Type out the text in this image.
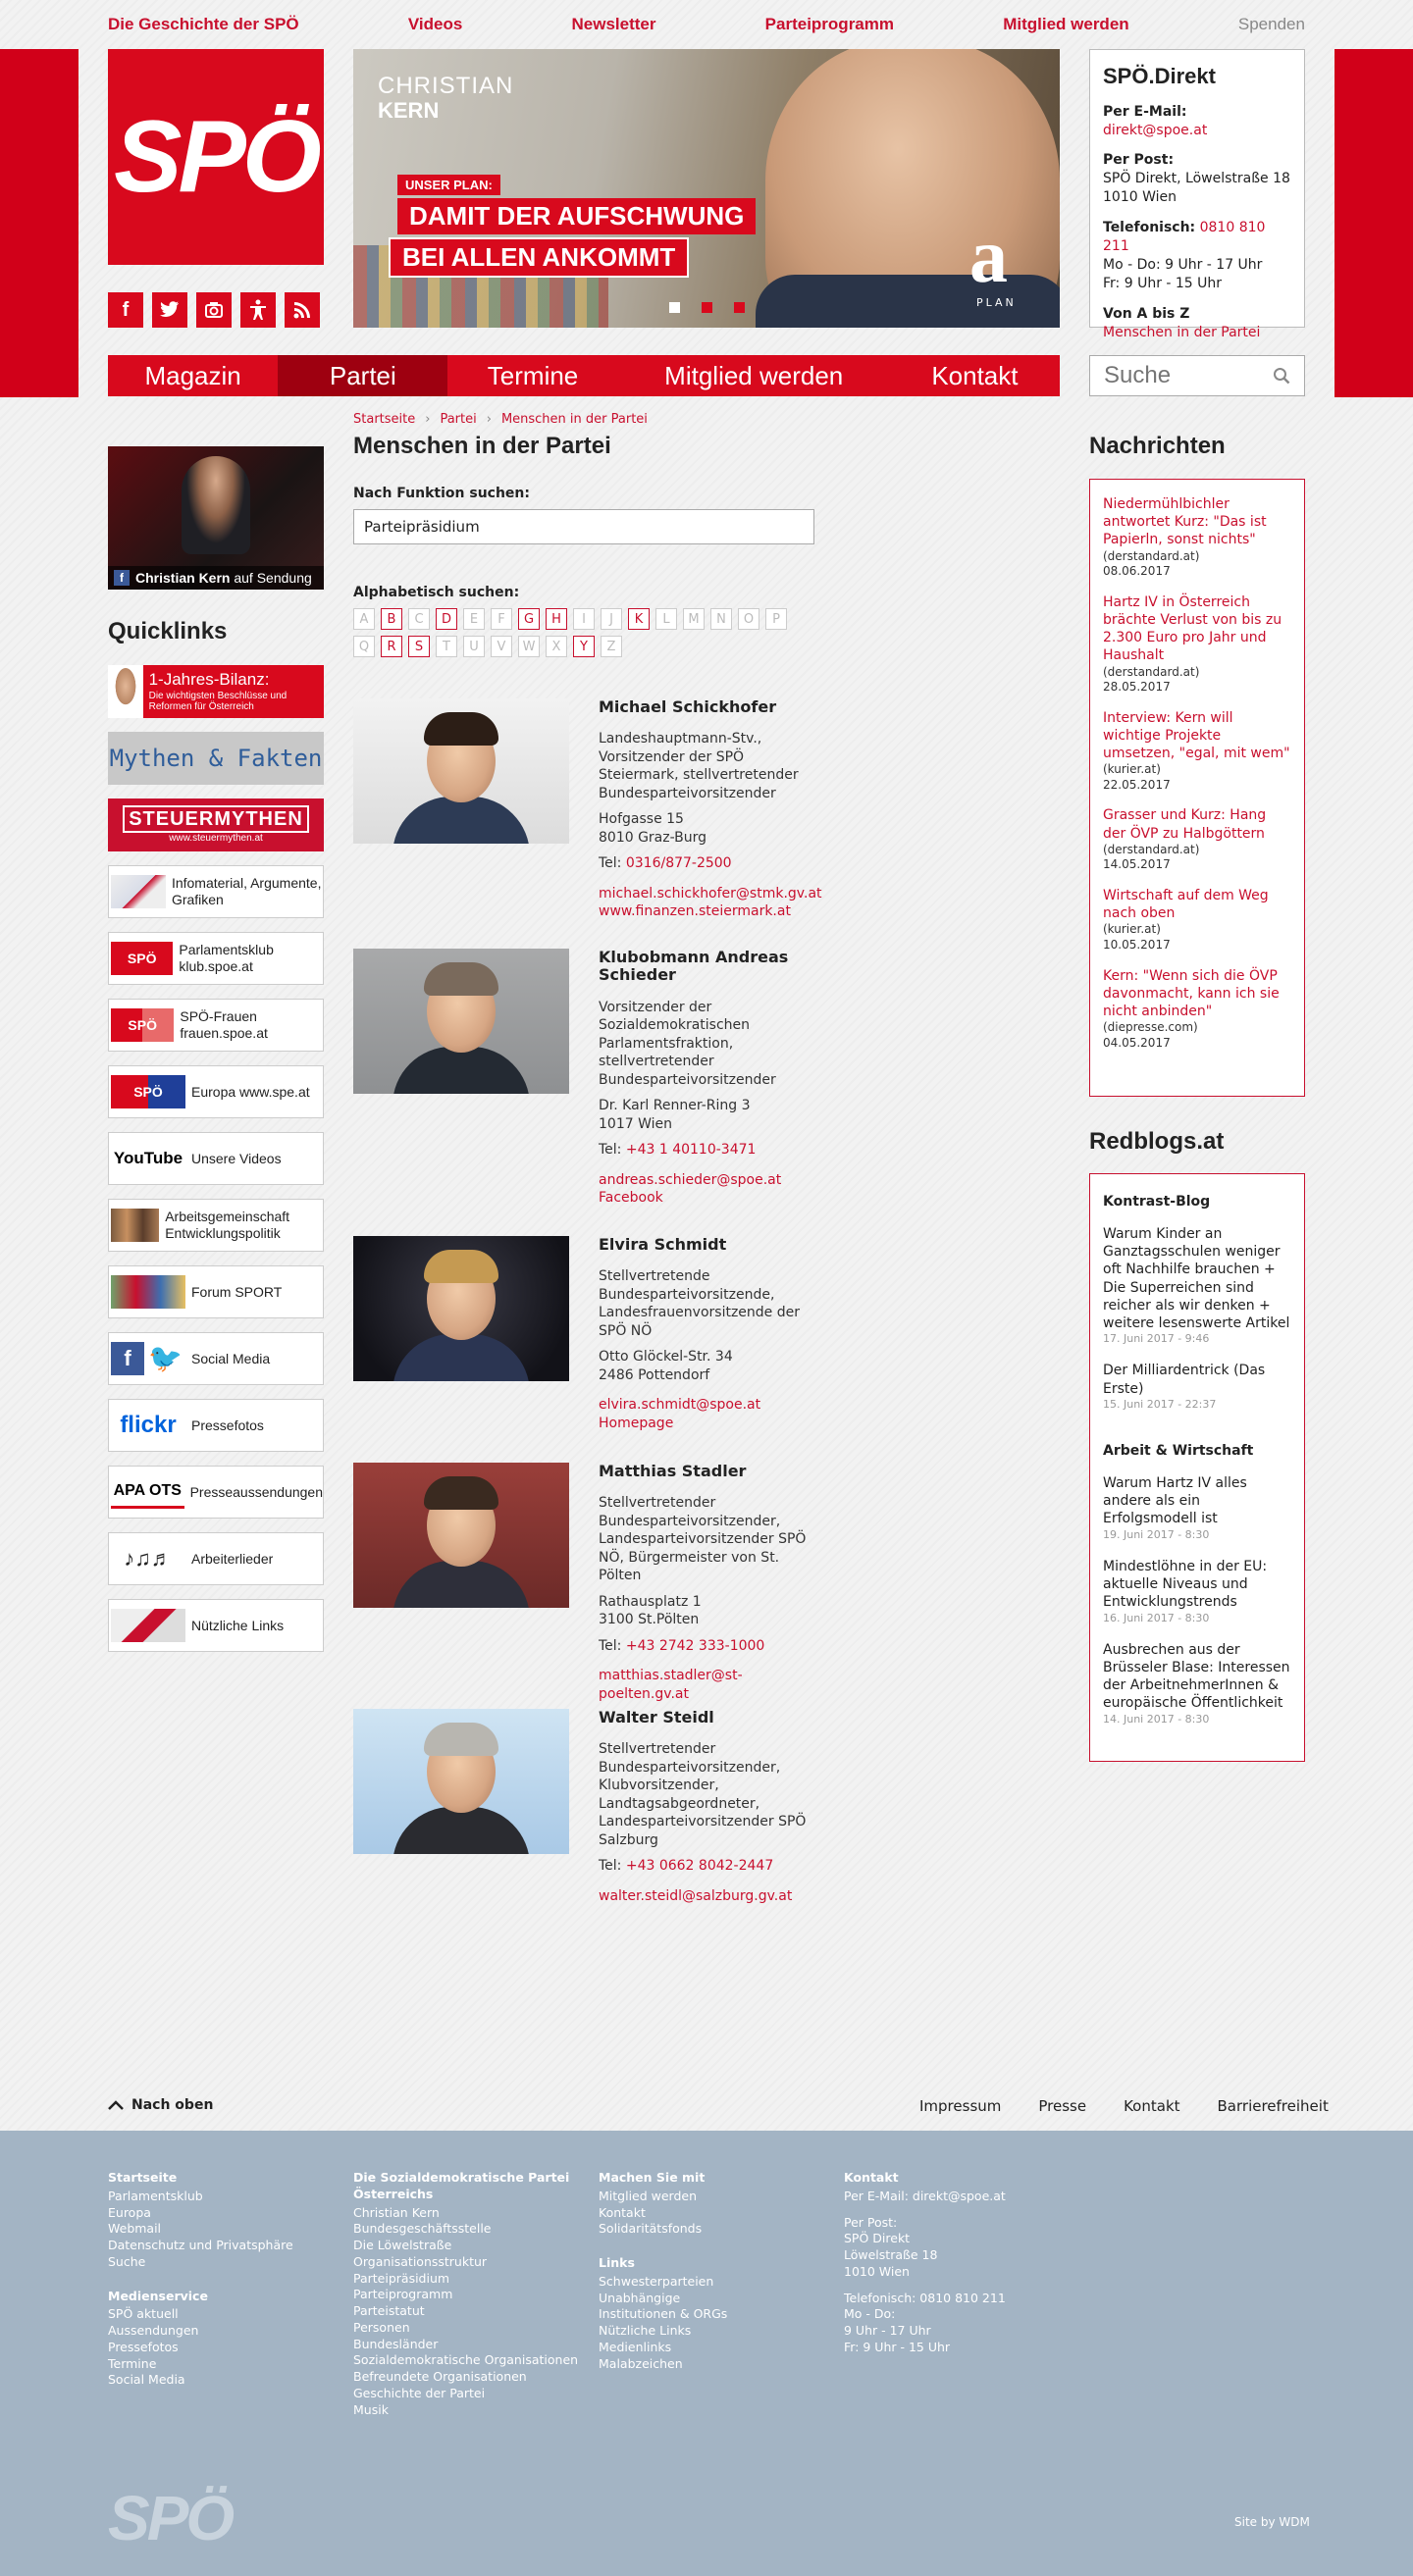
Die Geschichte der SPÖ	Videos	Newsletter	Parteiprogramm	Mitglied werden	Spenden
SPÖ
f
CHRISTIAN
KERN
UNSER PLAN:
DAMIT DER AUFSCHWUNG
BEI ALLEN ANKOMMT	a
PLAN
SPÖ.Direkt
Per E-Mail: direkt@spoe.at
Per Post:
SPÖ Direkt, Löwelstraße 18
1010 Wien
Telefonisch: 0810 810 211
Mo - Do: 9 Uhr - 17 Uhr
Fr: 9 Uhr - 15 Uhr
Von A bis Z
Menschen in der Partei
Magazin	Partei	Termine	Mitglied werden	Kontakt
Suche
f Christian Kern
auf Sendung
Quicklinks
1-Jahres-Bilanz:
Die wichtigsten Beschlüsse und Reformen für Österreich
Mythen & Fakten
STEUERMYTHEN
www.steuermythen.at
Infomaterial, Argumente, Grafiken
SPÖ
Parlamentsklub klub.spoe.at
SPÖ
SPÖ-Frauen frauen.spoe.at
SPÖ	Europa www.spe.at
YouTube Unsere Videos
Arbeitsgemeinschaft Entwicklungspolitik
Forum SPORT
f 🐦 Social Media
flickr	Pressefotos
APA OTS Presseaussendungen
♪♫♬	Arbeiterlieder
Nützliche Links
Startseite › Partei › Menschen in der Partei
Menschen in der Partei
Nach Funktion suchen:
Parteipräsidium
Alphabetisch suchen:
A	B	C	D	E	F	G	H	I	J	K	L	M	N	O	P
Q	R	S	T	U	V	W	X	Y	Z
Michael Schickhofer

Landeshauptmann-Stv., Vorsitzender der SPÖ Steiermark, stellvertretender Bundesparteivorsitzender

Hofgasse 15
8010 Graz-Burg

Tel: 0316/877-2500

michael.schickhofer@stmk.gv.at
www.finanzen.steiermark.at

Klubobmann Andreas Schieder

Vorsitzender der Sozialdemokratischen Parlamentsfraktion, stellvertretender Bundesparteivorsitzender

Dr. Karl Renner-Ring 3
1017 Wien

Tel: +43 1 40110-3471

andreas.schieder@spoe.at
Facebook

Elvira Schmidt

Stellvertretende Bundesparteivorsitzende, Landesfrauenvorsitzende der SPÖ NÖ

Otto Glöckel-Str. 34
2486 Pottendorf

elvira.schmidt@spoe.at
Homepage

Matthias Stadler

Stellvertretender Bundesparteivorsitzender, Landesparteivorsitzender SPÖ NÖ, Bürgermeister von St. Pölten

Rathausplatz 1
3100 St.Pölten

Tel: +43 2742 333-1000

matthias.stadler@st-poelten.gv.at

Walter Steidl

Stellvertretender Bundesparteivorsitzender, Klubvorsitzender, Landtagsabgeordneter, Landesparteivorsitzender SPÖ Salzburg

Tel: +43 0662 8042-2447

walter.steidl@salzburg.gv.at

Nachrichten
Niedermühlbichler antwortet Kurz: "Das ist Papierln, sonst nichts"
(derstandard.at)
08.06.2017
Hartz IV in Österreich brächte Verlust von bis zu 2.300 Euro pro Jahr und Haushalt
(derstandard.at)
28.05.2017
Interview: Kern will wichtige Projekte umsetzen, "egal, mit wem"
(kurier.at)
22.05.2017
Grasser und Kurz: Hang der ÖVP zu Halbgöttern
(derstandard.at)
14.05.2017
Wirtschaft auf dem Weg nach oben
(kurier.at)
10.05.2017
Kern: "Wenn sich die ÖVP davonmacht, kann ich sie nicht anbinden"
(diepresse.com)
04.05.2017
Redblogs.at
Kontrast-Blog
Warum Kinder an Ganztagsschulen weniger oft Nachhilfe brauchen + Die Superreichen sind reicher als wir denken + weitere lesenswerte Artikel
17. Juni 2017 - 9:46
Der Milliardentrick (Das Erste)
15. Juni 2017 - 22:37
Arbeit & Wirtschaft
Warum Hartz IV alles andere als ein Erfolgsmodell ist
19. Juni 2017 - 8:30
Mindestlöhne in der EU: aktuelle Niveaus und Entwicklungstrends
16. Juni 2017 - 8:30
Ausbrechen aus der Brüsseler Blase: Interessen der ArbeitnehmerInnen & europäische Öffentlichkeit
14. Juni 2017 - 8:30
Nach oben	Impressum	Presse	Kontakt	Barrierefreiheit
Startseite
Parlamentsklub
Europa
Webmail
Datenschutz und Privatsphäre
Suche
Medienservice
SPÖ aktuell
Aussendungen
Pressefotos
Termine
Social Media
Die Sozialdemokratische Partei Österreichs
Christian Kern
Bundesgeschäftsstelle
Die Löwelstraße
Organisationsstruktur
Parteipräsidium
Parteiprogramm
Parteistatut
Personen
Bundesländer
Sozialdemokratische Organisationen
Befreundete Organisationen
Geschichte der Partei
Musik
Machen Sie mit
Mitglied werden
Kontakt
Solidaritätsfonds
Links
Schwesterparteien
Unabhängige
Institutionen & ORGs
Nützliche Links
Medienlinks
Malabzeichen
Kontakt
Per E-Mail: direkt@spoe.at
Per Post:
SPÖ Direkt
Löwelstraße 18
1010 Wien
Telefonisch: 0810 810 211
Mo - Do:
9 Uhr - 17 Uhr
Fr: 9 Uhr - 15 Uhr
SPÖ	Site by WDM
